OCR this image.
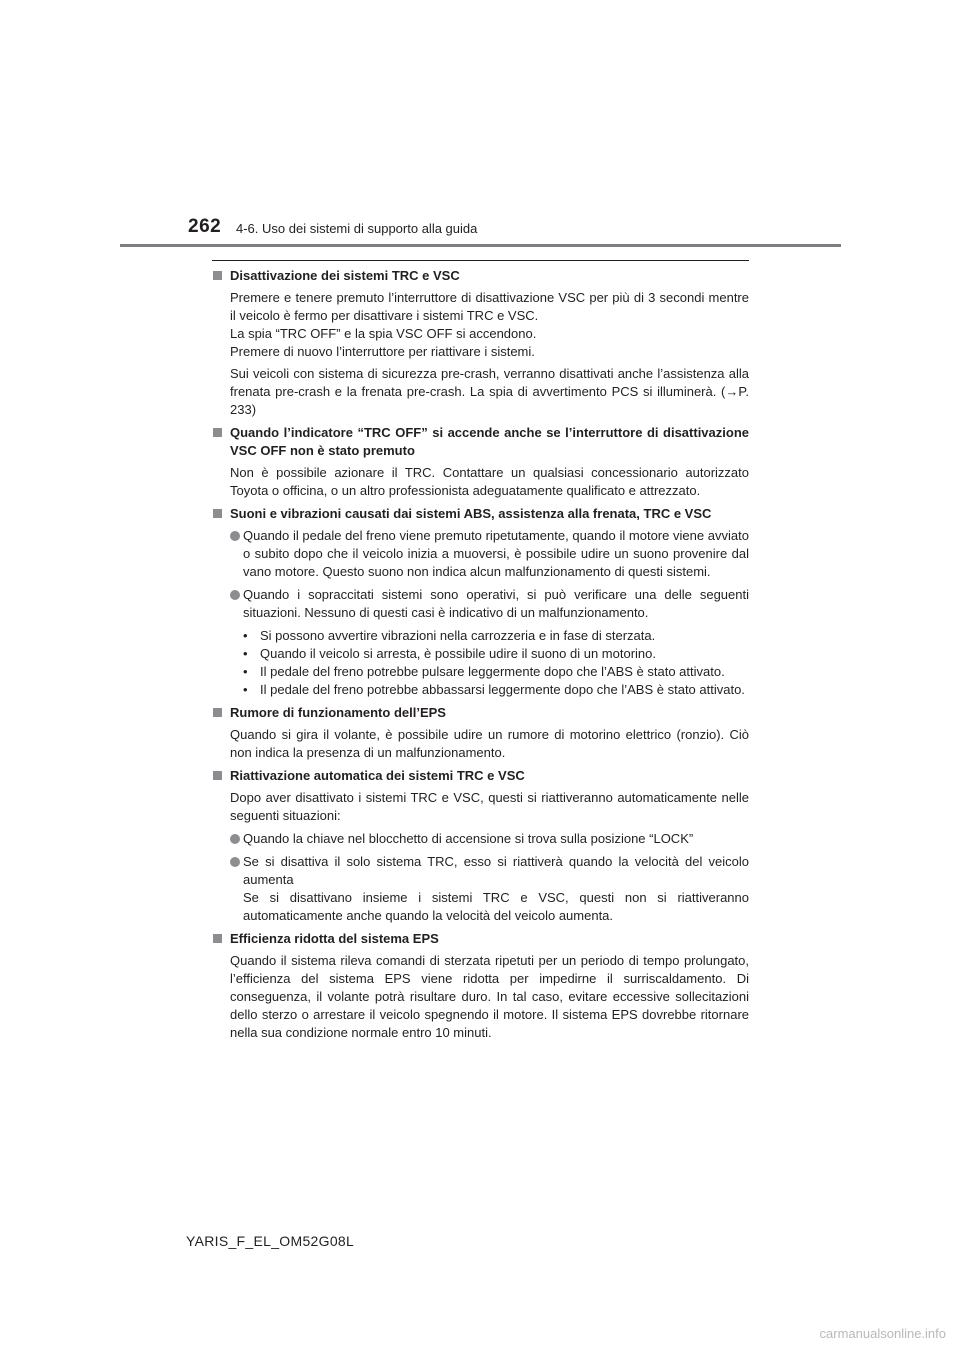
262 4-6. Uso dei sistemi di supporto alla guida
Disattivazione dei sistemi TRC e VSC
Premere e tenere premuto l’interruttore di disattivazione VSC per più di 3 secondi mentre il veicolo è fermo per disattivare i sistemi TRC e VSC.
La spia “TRC OFF” e la spia VSC OFF si accendono.
Premere di nuovo l’interruttore per riattivare i sistemi.
Sui veicoli con sistema di sicurezza pre-crash, verranno disattivati anche l’assistenza alla frenata pre-crash e la frenata pre-crash. La spia di avvertimento PCS si illuminerà. (→P. 233)
Quando l’indicatore “TRC OFF” si accende anche se l’interruttore di disattivazione VSC OFF non è stato premuto
Non è possibile azionare il TRC. Contattare un qualsiasi concessionario autorizzato Toyota o officina, o un altro professionista adeguatamente qualificato e attrezzato.
Suoni e vibrazioni causati dai sistemi ABS, assistenza alla frenata, TRC e VSC
Quando il pedale del freno viene premuto ripetutamente, quando il motore viene avviato o subito dopo che il veicolo inizia a muoversi, è possibile udire un suono provenire dal vano motore. Questo suono non indica alcun malfunzionamento di questi sistemi.
Quando i sopraccitati sistemi sono operativi, si può verificare una delle seguenti situazioni. Nessuno di questi casi è indicativo di un malfunzionamento.
• Si possono avvertire vibrazioni nella carrozzeria e in fase di sterzata.
• Quando il veicolo si arresta, è possibile udire il suono di un motorino.
• Il pedale del freno potrebbe pulsare leggermente dopo che l’ABS è stato attivato.
• Il pedale del freno potrebbe abbassarsi leggermente dopo che l’ABS è stato attivato.
Rumore di funzionamento dell’EPS
Quando si gira il volante, è possibile udire un rumore di motorino elettrico (ronzio). Ciò non indica la presenza di un malfunzionamento.
Riattivazione automatica dei sistemi TRC e VSC
Dopo aver disattivato i sistemi TRC e VSC, questi si riattiveranno automaticamente nelle seguenti situazioni:
Quando la chiave nel blocchetto di accensione si trova sulla posizione “LOCK”
Se si disattiva il solo sistema TRC, esso si riattiverà quando la velocità del veicolo aumenta
Se si disattivano insieme i sistemi TRC e VSC, questi non si riattiveranno automaticamente anche quando la velocità del veicolo aumenta.
Efficienza ridotta del sistema EPS
Quando il sistema rileva comandi di sterzata ripetuti per un periodo di tempo prolungato, l’efficienza del sistema EPS viene ridotta per impedirne il surriscaldamento. Di conseguenza, il volante potrà risultare duro. In tal caso, evitare eccessive sollecitazioni dello sterzo o arrestare il veicolo spegnendo il motore. Il sistema EPS dovrebbe ritornare nella sua condizione normale entro 10 minuti.
YARIS_F_EL_OM52G08L
carmanualsonline.info
